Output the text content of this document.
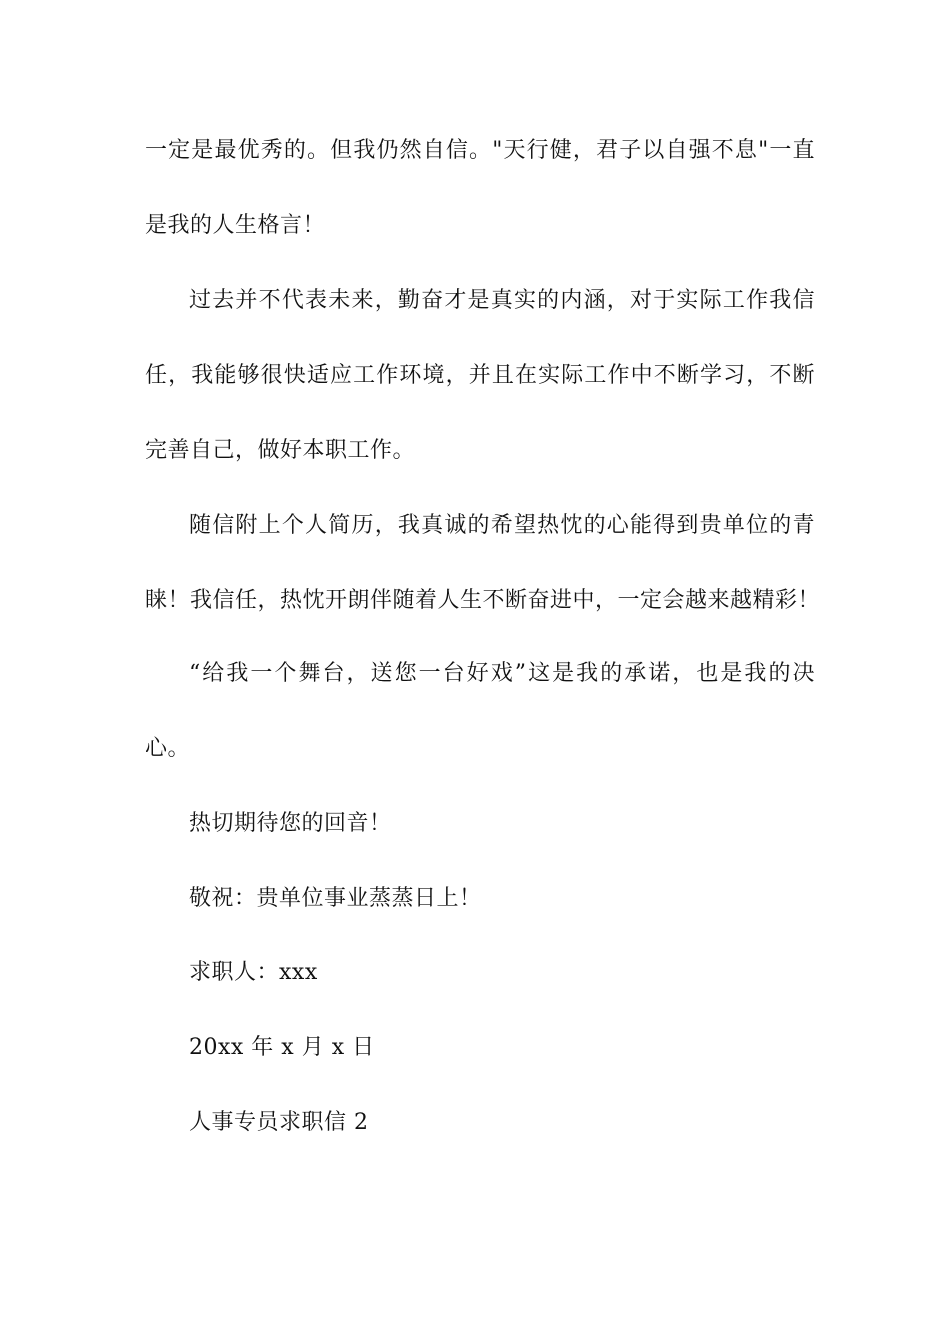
一定是最优秀的。但我仍然自信。"天行健，君子以自强不息"一直
是我的人生格言！
过去并不代表未来，勤奋才是真实的内涵，对于实际工作我信
任，我能够很快适应工作环境，并且在实际工作中不断学习，不断
完善自己，做好本职工作。
随信附上个人简历，我真诚的希望热忱的心能得到贵单位的青
睐！我信任，热忱开朗伴随着人生不断奋进中，一定会越来越精彩！
“给我一个舞台，送您一台好戏”这是我的承诺，也是我的决
心。
热切期待您的回音！
敬祝：贵单位事业蒸蒸日上！
求职人：xxx
20xx 年 x 月 x 日
人事专员求职信 2
